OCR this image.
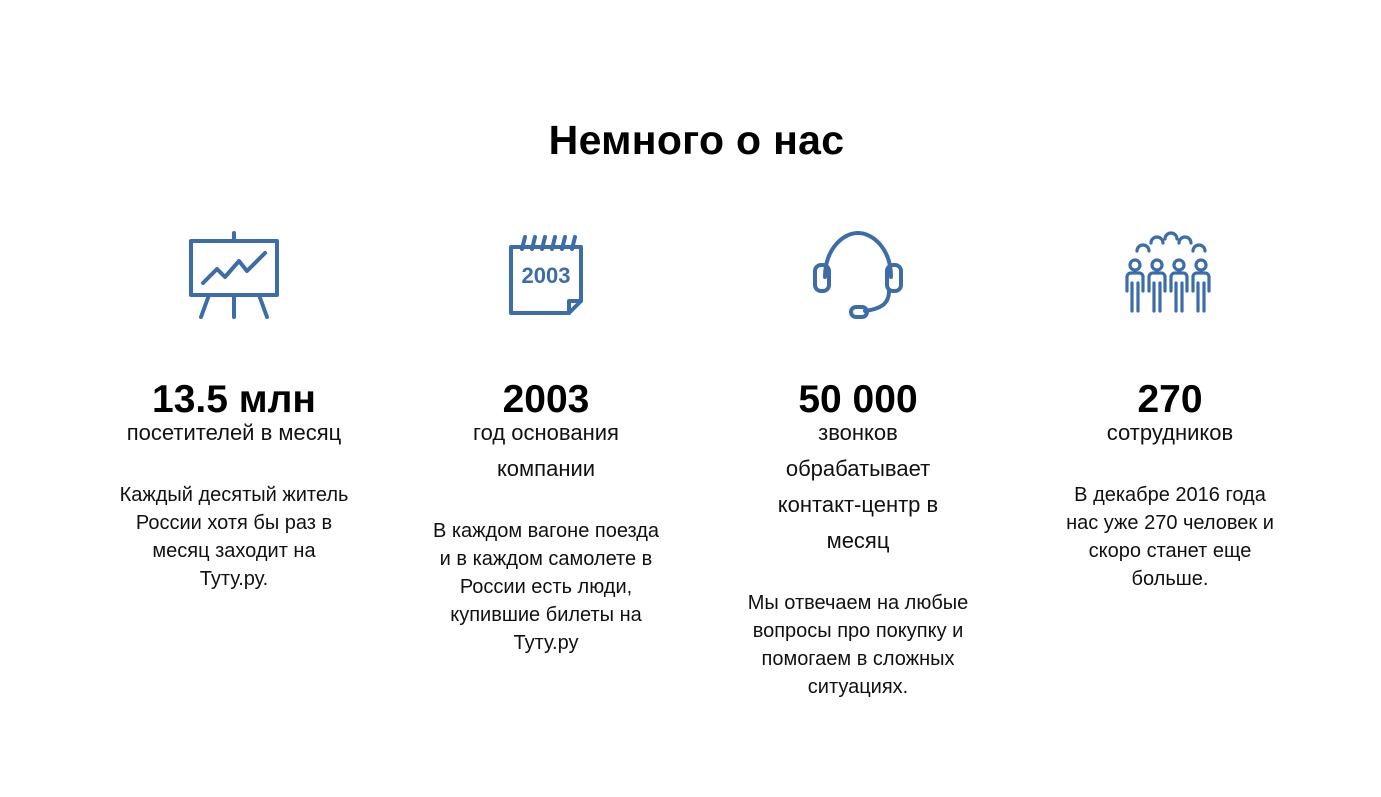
Немного о нас
13.5 млн
посетителей в месяц
Каждый десятый житель России хотя бы раз в месяц заходит на Туту.ру.
2003
2003
год основания компании
В каждом вагоне поезда и в каждом самолете в России есть люди, купившие билеты на Туту.ру
50 000
звонков обрабатывает контакт-центр в месяц
Мы отвечаем на любые вопросы про покупку и помогаем в сложных ситуациях.
270
сотрудников
В декабре 2016 года нас уже 270 человек и скоро станет еще больше.
